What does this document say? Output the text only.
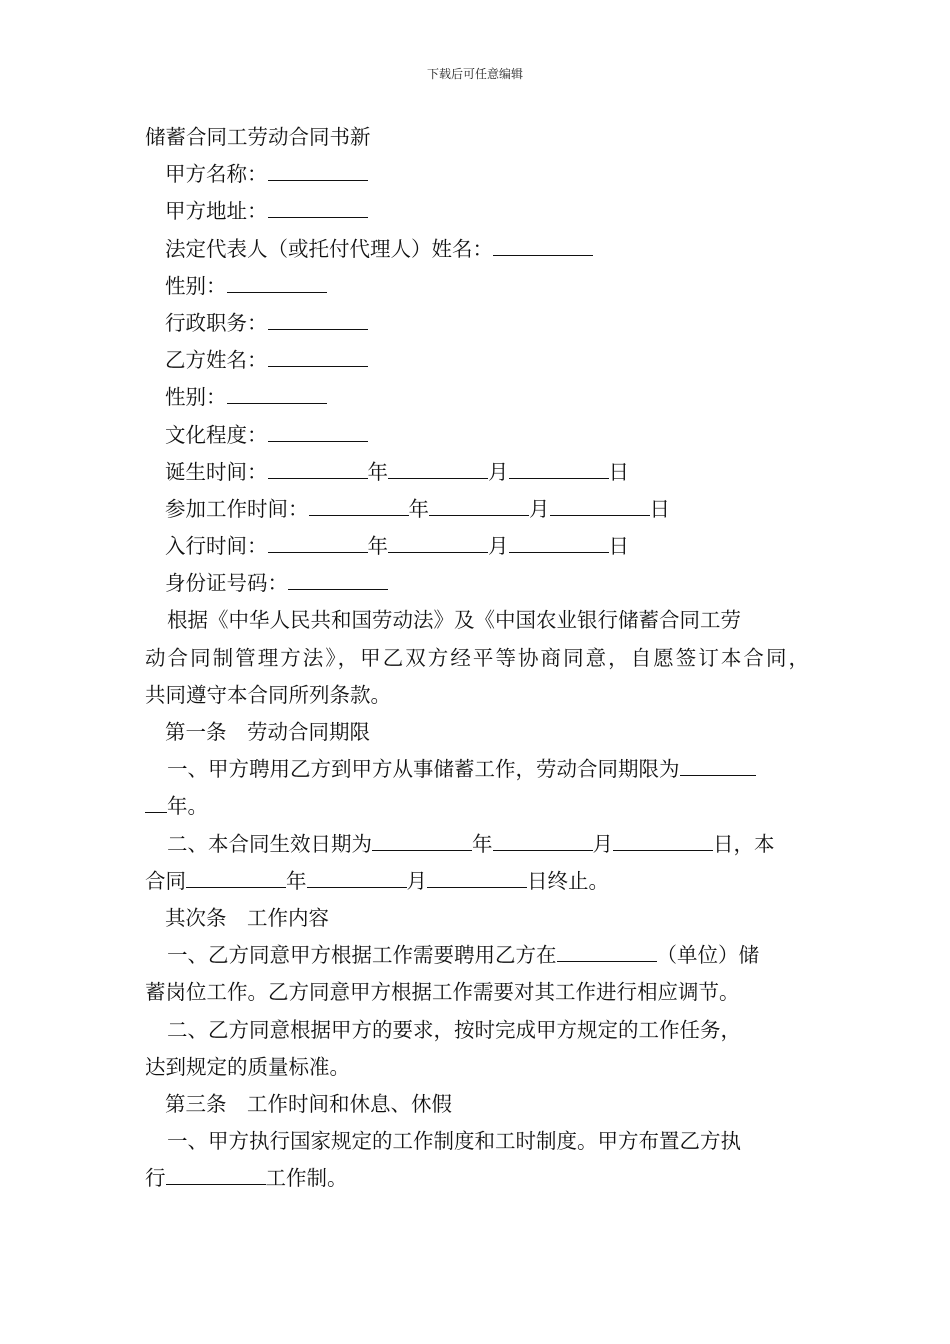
下载后可任意编辑
储蓄合同工劳动合同书新
甲方名称：
甲方地址：
法定代表人（或托付代理人）姓名：
性别：
行政职务：
乙方姓名：
性别：
文化程度：
诞生时间：	年	月	日
参加工作时间：	年	月	日
入行时间：	年	月	日
身份证号码：
根据《中华人民共和国劳动法》及《中国农业银行储蓄合同工劳
动合同制管理方法》，甲乙双方经平等协商同意，自愿签订本合同，
共同遵守本合同所列条款。
第一条　劳动合同期限
一、甲方聘用乙方到甲方从事储蓄工作，劳动合同期限为
年。
二、本合同生效日期为	年	月	日，本
合同	年	月	日终止。
其次条　工作内容
一、乙方同意甲方根据工作需要聘用乙方在	（单位）储
蓄岗位工作。乙方同意甲方根据工作需要对其工作进行相应调节。
二、乙方同意根据甲方的要求，按时完成甲方规定的工作任务，
达到规定的质量标准。
第三条　工作时间和休息、休假
一、甲方执行国家规定的工作制度和工时制度。甲方布置乙方执
行	工作制。
